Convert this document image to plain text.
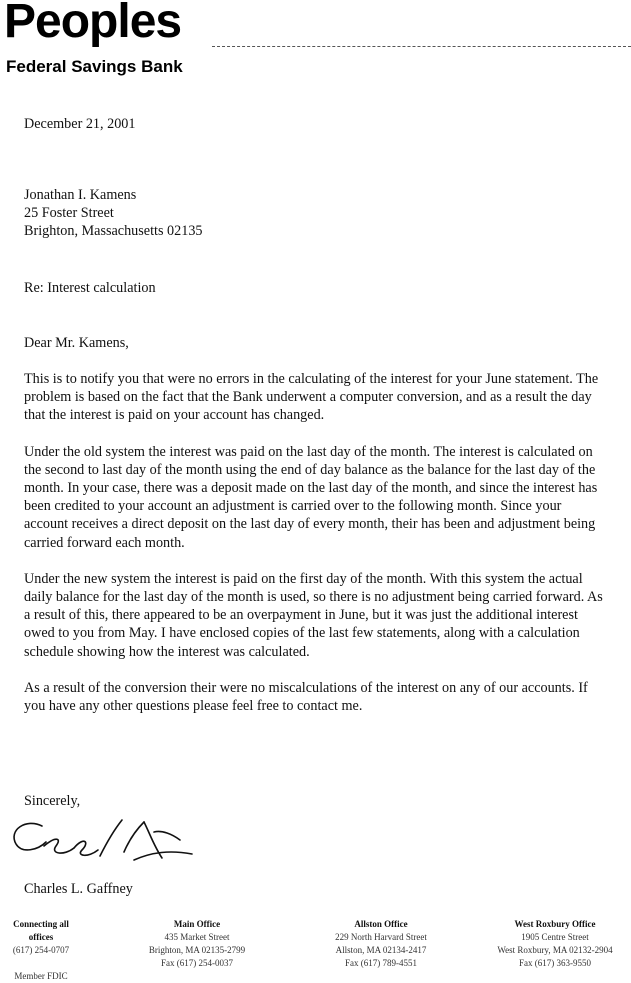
Peoples
Federal Savings Bank
December 21, 2001

Jonathan I. Kamens

25 Foster Street

Brighton, Massachusetts 02135

Re: Interest calculation
Dear Mr. Kamens,

This is to notify you that were no errors in the calculating of the interest for your June statement. The problem is based on the fact that the Bank underwent a computer conversion, and as a result the day that the interest is paid on your account has changed.

Under the old system the interest was paid on the last day of the month. The interest is calculated on the second to last day of the month using the end of day balance as the balance for the last day of the month. In your case, there was a deposit made on the last day of the month, and since the interest has been credited to your account an adjustment is carried over to the following month. Since your account receives a direct deposit on the last day of every month, their has been and adjustment being carried forward each month.

Under the new system the interest is paid on the first day of the month. With this system the actual daily balance for the last day of the month is used, so there is no adjustment being carried forward. As a result of this, there appeared to be an overpayment in June, but it was just the additional interest owed to you from May. I have enclosed copies of the last few statements, along with a calculation schedule showing how the interest was calculated.

As a result of the conversion their were no miscalculations of the interest on any of our accounts. If you have any other questions please feel free to contact me.

Sincerely,
Charles L. Gaffney
Connecting all offices
(617) 254-0707

Member FDIC
Main Office
435 Market Street
Brighton, MA 02135-2799
Fax (617) 254-0037
Allston Office
229 North Harvard Street
Allston, MA 02134-2417
Fax (617) 789-4551
West Roxbury Office
1905 Centre Street
West Roxbury, MA 02132-2904
Fax (617) 363-9550
